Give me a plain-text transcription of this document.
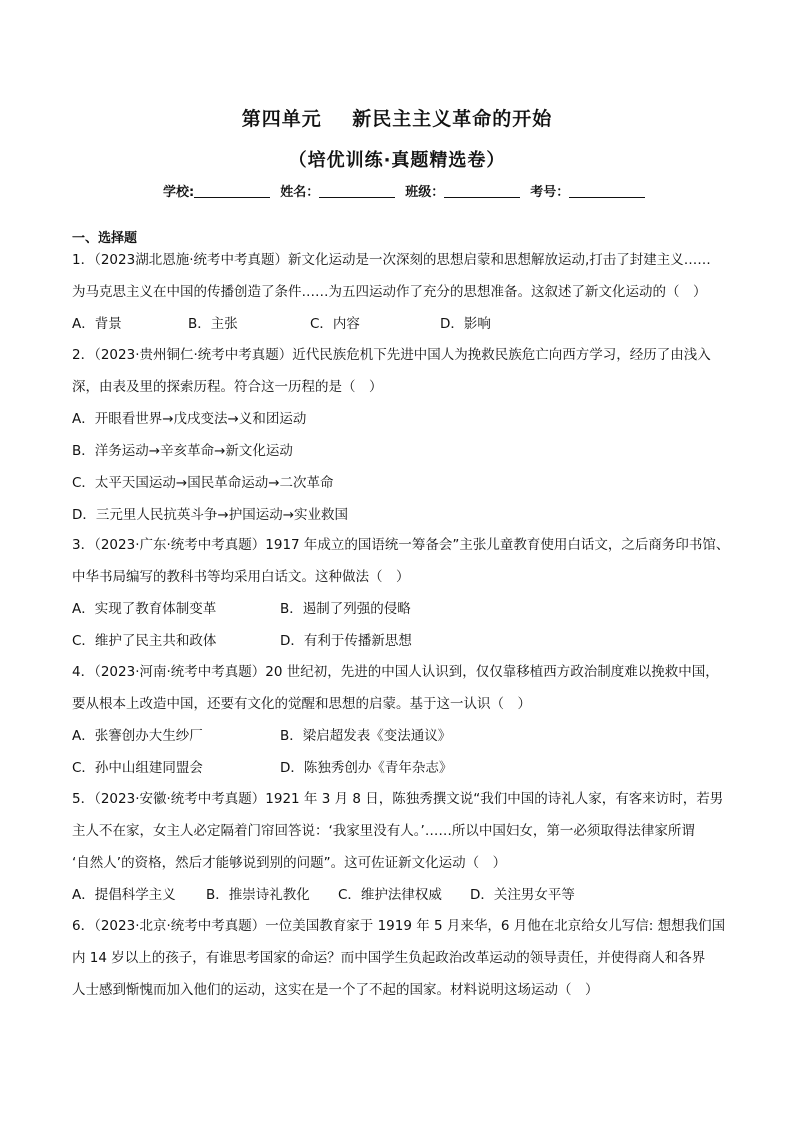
第四单元    新民主主义革命的开始
（培优训练·真题精选卷）
学校:	姓名：	班级：	考号：
一、选择题
1．（2023湖北恩施·统考中考真题）新文化运动是一次深刻的思想启蒙和思想解放运动,打击了封建主义……
为马克思主义在中国的传播创造了条件……为五四运动作了充分的思想准备。这叙述了新文化运动的（　）
A．背景	B．主张	C．内容	D．影响
2．（2023·贵州铜仁·统考中考真题）近代民族危机下先进中国人为挽救民族危亡向西方学习，经历了由浅入
深，由表及里的探索历程。符合这一历程的是（　）
A．开眼看世界→戊戌变法→义和团运动
B．洋务运动→辛亥革命→新文化运动
C．太平天国运动→国民革命运动→二次革命
D．三元里人民抗英斗争→护国运动→实业救国
3．（2023·广东·统考中考真题）1917 年成立的国语统一筹备会”主张儿童教育使用白话文，之后商务印书馆、
中华书局编写的教科书等均采用白话文。这种做法（　）
A．实现了教育体制变革	B．遏制了列强的侵略
C．维护了民主共和政体	D．有利于传播新思想
4．（2023·河南·统考中考真题）20 世纪初，先进的中国人认识到，仅仅靠移植西方政治制度难以挽救中国，
要从根本上改造中国，还要有文化的觉醒和思想的启蒙。基于这一认识（　）
A．张謇创办大生纱厂	B．梁启超发表《变法通议》
C．孙中山组建同盟会	D．陈独秀创办《青年杂志》
5．（2023·安徽·统考中考真题）1921 年 3 月 8 日，陈独秀撰文说“我们中国的诗礼人家，有客来访时，若男
主人不在家，女主人必定隔着门帘回答说：‘我家里没有人。’……所以中国妇女，第一必须取得法律家所谓
‘自然人’的资格，然后才能够说到别的问题”。这可佐证新文化运动（　）
A．提倡科学主义 B．推崇诗礼教化 C．维护法律权威 D．关注男女平等
6．（2023·北京·统考中考真题）一位美国教育家于 1919 年 5 月来华，6 月他在北京给女儿写信: 想想我们国
内 14 岁以上的孩子，有谁思考国家的命运？而中国学生负起政治改革运动的领导责任，并使得商人和各界
人士感到惭愧而加入他们的运动，这实在是一个了不起的国家。材料说明这场运动（　）
